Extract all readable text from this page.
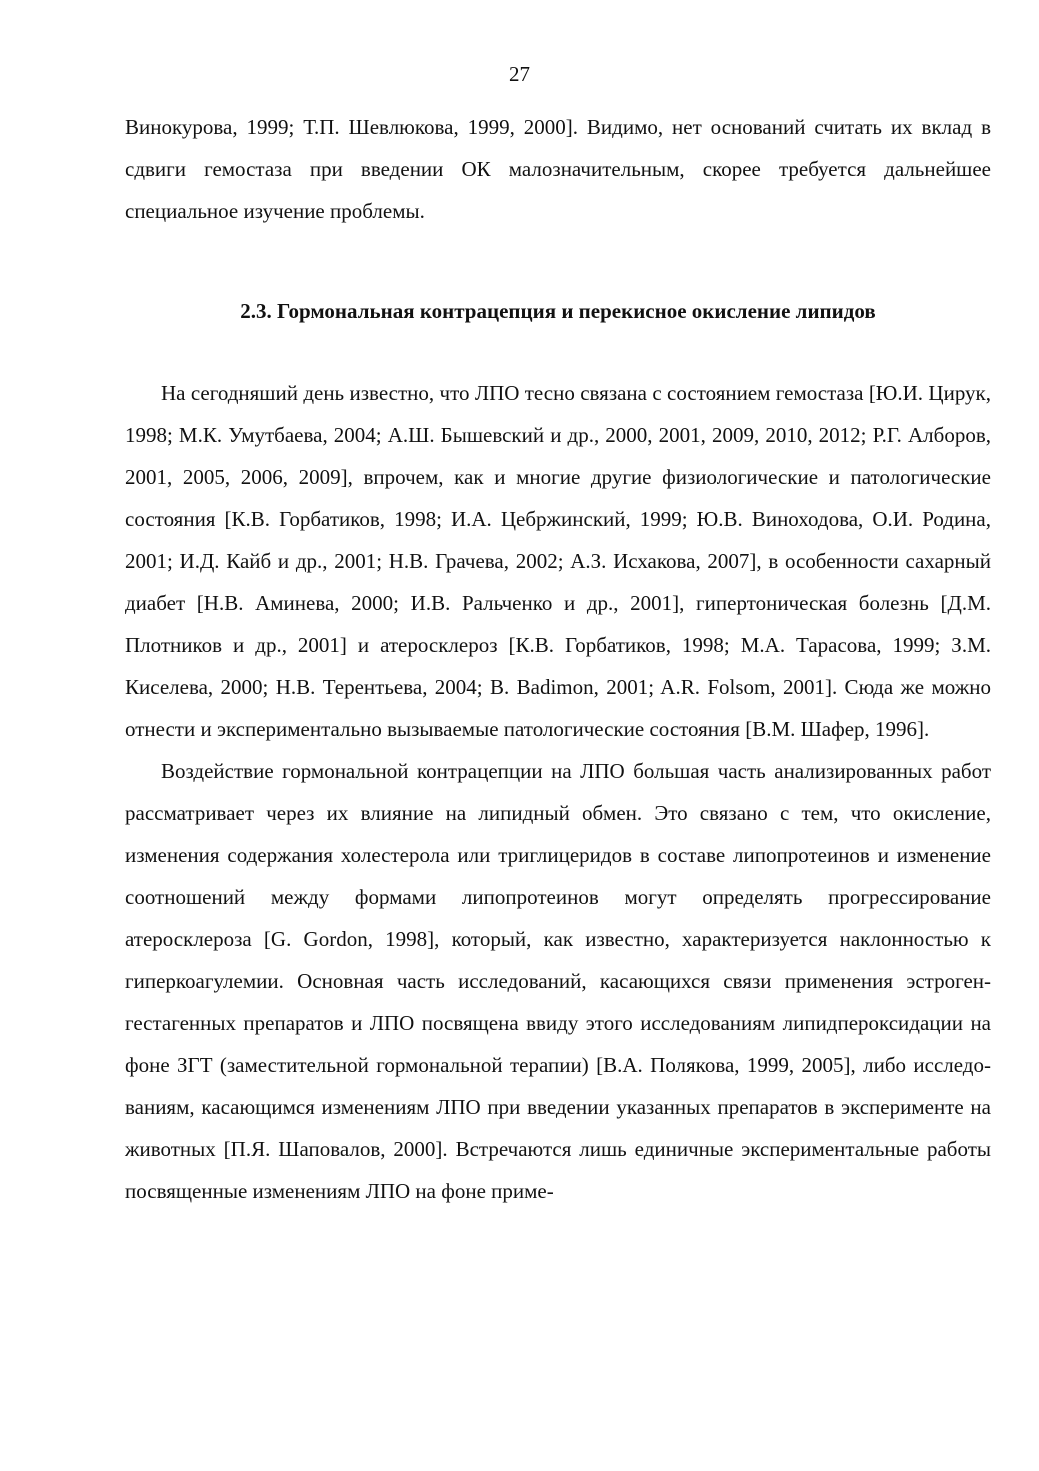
27

Винокурова, 1999; Т.П. Шевлюкова, 1999, 2000]. Видимо, нет оснований считать их вклад в сдвиги гемостаза при введении ОК малозначительным, скорее требуется дальнейшее специальное изучение проблемы.

2.3. Гормональная контрацепция и перекисное окисление липидов

На сегодняший день известно, что ЛПО тесно связана с состоянием гемостаза [Ю.И. Цирук, 1998; М.К. Умутбаева, 2004; А.Ш. Бышевский и др., 2000, 2001, 2009, 2010, 2012; Р.Г. Алборов, 2001, 2005, 2006, 2009], впрочем, как и многие другие физиологические и патологические состояния [К.В. Горбатиков, 1998; И.А. Цебржинский, 1999; Ю.В. Виноходова, О.И. Родина, 2001; И.Д. Кайб и др., 2001; Н.В. Грачева, 2002; А.З. Исхакова, 2007], в особенности сахарный диабет [Н.В. Аминева, 2000; И.В. Ральченко и др., 2001], гипертоническая болезнь [Д.М. Плотников и др., 2001] и атеросклероз [К.В. Горбатиков, 1998; М.А. Тарасова, 1999; З.М. Киселева, 2000; Н.В. Терентьева, 2004; B. Badimon, 2001; A.R. Folsom, 2001]. Сюда же можно отнести и экспериментально вызываемые патологические состояния [В.М. Шафер, 1996].

Воздействие гормональной контрацепции на ЛПО большая часть анализированных работ рассматривает через их влияние на липидный обмен. Это связано с тем, что окисление, изменения содержания холестерола или триглицеридов в составе липопротеинов и изменение соотношений между формами липопротеинов могут определять прогрессирование атеросклероза [G. Gordon, 1998], который, как известно, характеризуется наклонностью к гиперкоагулемии. Основная часть исследований, касающихся связи применения эстроген-гестагенных препаратов и ЛПО посвящена ввиду этого исследованиям липидпероксидации на фоне ЗГТ (заместительной гормональной терапии) [В.А. Полякова, 1999, 2005], либо исследованиям, касающимся изменениям ЛПО при введении указанных препаратов в эксперименте на животных [П.Я. Шаповалов, 2000]. Встречаются лишь единичные экспериментальные работы посвященные изменениям ЛПО на фоне приме-
